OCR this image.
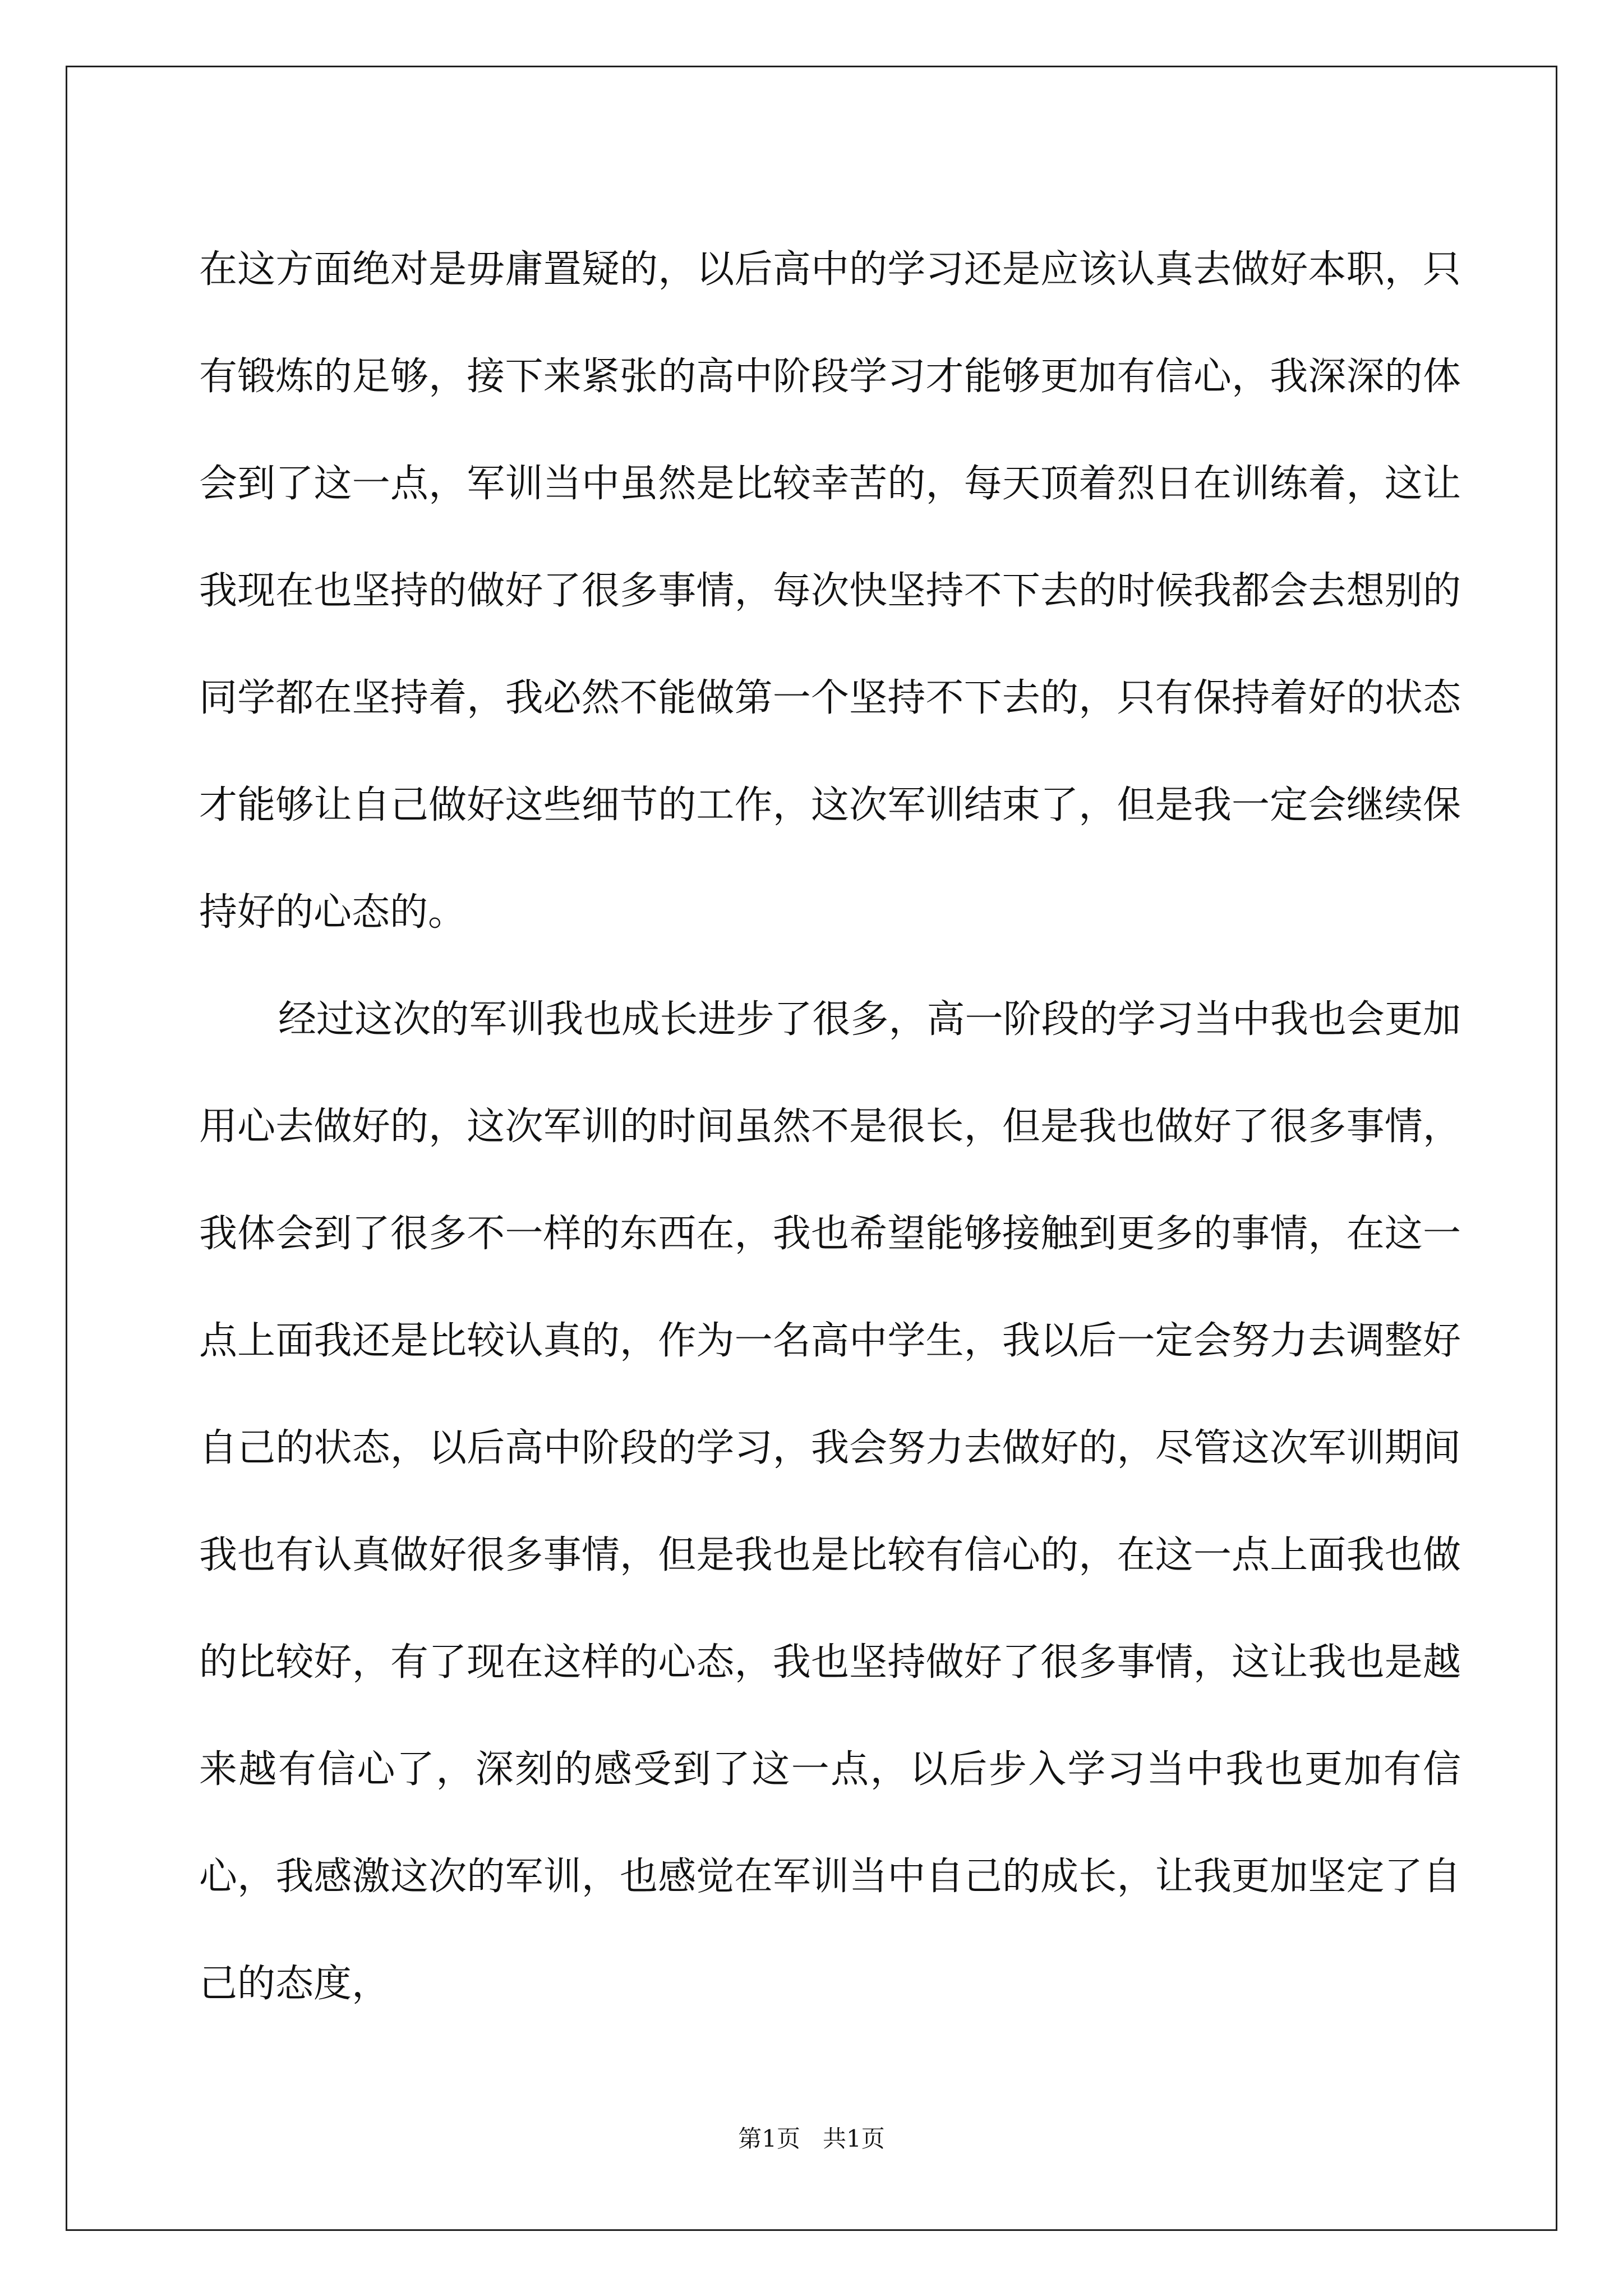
在这方面绝对是毋庸置疑的，以后高中的学习还是应该认真去做好本职，只有锻炼的足够，接下来紧张的高中阶段学习才能够更加有信心，我深深的体会到了这一点，军训当中虽然是比较幸苦的，每天顶着烈日在训练着，这让我现在也坚持的做好了很多事情，每次快坚持不下去的时候我都会去想别的同学都在坚持着，我必然不能做第一个坚持不下去的，只有保持着好的状态才能够让自己做好这些细节的工作，这次军训结束了，但是我一定会继续保持好的心态的。

经过这次的军训我也成长进步了很多，高一阶段的学习当中我也会更加用心去做好的，这次军训的时间虽然不是很长，但是我也做好了很多事情，我体会到了很多不一样的东西在，我也希望能够接触到更多的事情，在这一点上面我还是比较认真的，作为一名高中学生，我以后一定会努力去调整好自己的状态，以后高中阶段的学习，我会努力去做好的，尽管这次军训期间我也有认真做好很多事情，但是我也是比较有信心的，在这一点上面我也做的比较好，有了现在这样的心态，我也坚持做好了很多事情，这让我也是越来越有信心了，深刻的感受到了这一点，以后步入学习当中我也更加有信心，我感激这次的军训，也感觉在军训当中自己的成长，让我更加坚定了自己的态度，

第1页   共1页
